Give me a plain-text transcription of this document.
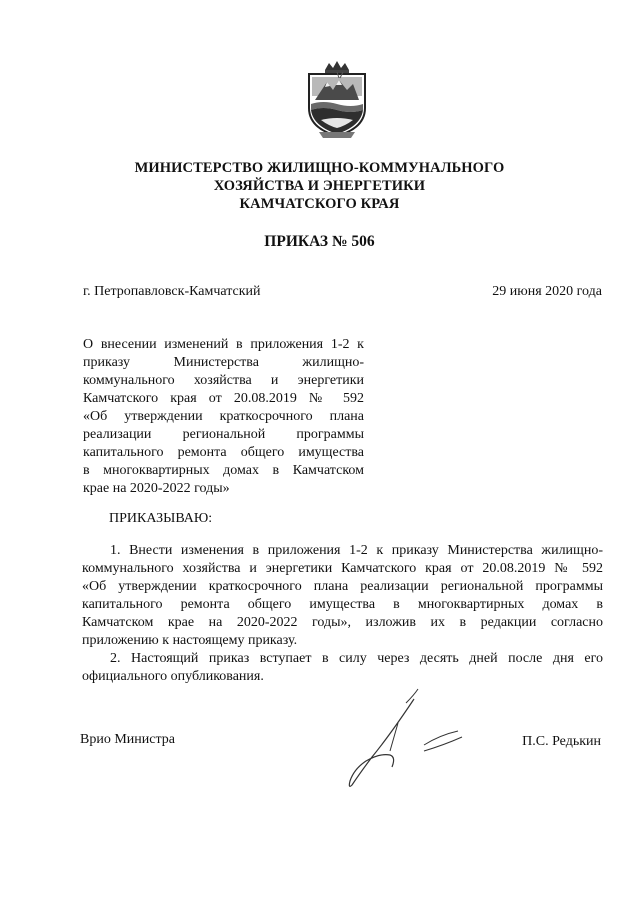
МИНИСТЕРСТВО ЖИЛИЩНО-КОММУНАЛЬНОГО
ХОЗЯЙСТВА И ЭНЕРГЕТИКИ
КАМЧАТСКОГО КРАЯ
ПРИКАЗ № 506
г. Петропавловск-Камчатский	29 июня 2020 года
О внесении изменений в приложения 1-2 к
приказу Министерства жилищно-
коммунального хозяйства и энергетики
Камчатского края от 20.08.2019 № 592
«Об утверждении краткосрочного плана
реализации региональной программы
капитального ремонта общего имущества
в многоквартирных домах в Камчатском
крае на 2020-2022 годы»
ПРИКАЗЫВАЮ:
1. Внести изменения в приложения 1-2 к приказу Министерства жилищно-
коммунального хозяйства и энергетики Камчатского края от 20.08.2019 № 592
«Об утверждении краткосрочного плана реализации региональной программы
капитального ремонта общего имущества в многоквартирных домах в
Камчатском крае на 2020-2022 годы», изложив их в редакции согласно
приложению к настоящему приказу.
2. Настоящий приказ вступает в силу через десять дней после дня его
официального опубликования.
Врио Министра	П.С. Редькин
